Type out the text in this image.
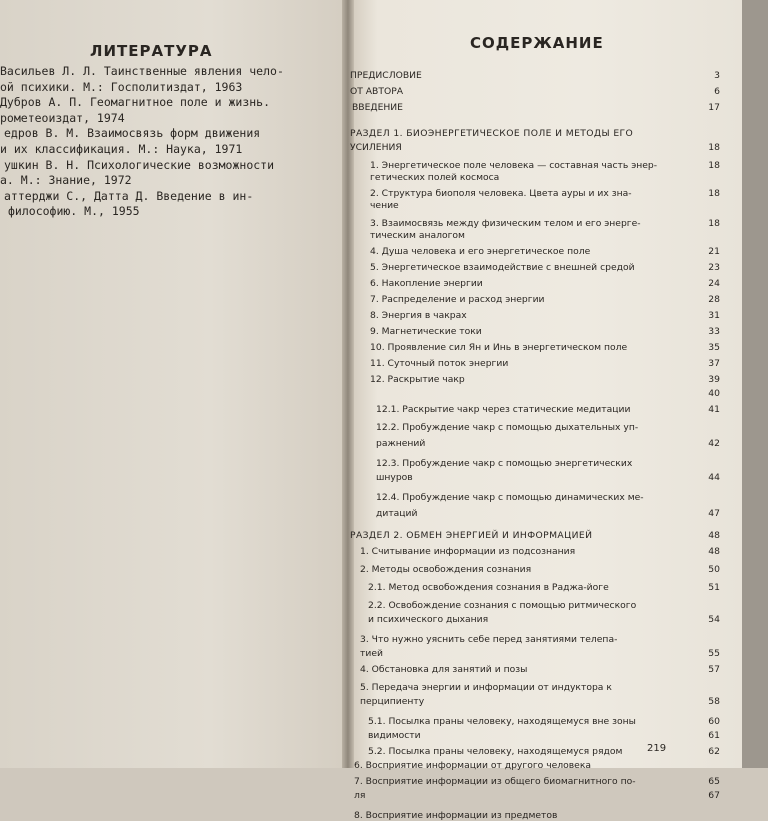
ЛИТЕРАТУРА
Васильев Л. Л. Таинственные явления чело-
ой психики. М.: Госполитиздат, 1963
Дубров А. П. Геомагнитное поле и жизнь.
рометеоиздат, 1974
едров В. М. Взаимосвязь форм движения
и их классификация. М.: Наука, 1971
ушкин В. Н. Психологические возможности
а. М.: Знание, 1972
аттерджи С., Датта Д. Введение в ин-
философию. М., 1955
СОДЕРЖАНИЕ
ПРЕДИСЛОВИЕ	3
ОТ АВТОРА	6
ВВЕДЕНИЕ	17
РАЗДЕЛ 1. БИОЭНЕРГЕТИЧЕСКОЕ ПОЛЕ И МЕТОДЫ ЕГО
УСИЛЕНИЯ	18
1. Энергетическое поле человека — составная часть энер-	18
гетических полей космоса
2. Структура биополя человека. Цвета ауры и их зна-	18
чение
3. Взаимосвязь между физическим телом и его энерге-	18
тическим аналогом
4. Душа человека и его энергетическое поле	21
5. Энергетическое взаимодействие с внешней средой	23
6. Накопление энергии	24
7. Распределение и расход энергии	28
8. Энергия в чакрах	31
9. Магнетические токи	33
10. Проявление сил Ян и Инь в энергетическом поле	35
11. Суточный поток энергии	37
12. Раскрытие чакр	39
40
12.1. Раскрытие чакр через статические медитации	41
12.2. Пробуждение чакр с помощью дыхательных уп-
ражнений	42
12.3. Пробуждение чакр с помощью энергетических
шнуров	44
12.4. Пробуждение чакр с помощью динамических ме-
дитаций	47
РАЗДЕЛ 2. ОБМЕН ЭНЕРГИЕЙ И ИНФОРМАЦИЕЙ	48
1. Считывание информации из подсознания	48
2. Методы освобождения сознания	50
2.1. Метод освобождения сознания в Раджа-йоге	51
2.2. Освобождение сознания с помощью ритмического
и психического дыхания	54
3. Что нужно уяснить себе перед занятиями телепа-
тией	55
4. Обстановка для занятий и позы	57
5. Передача энергии и информации от индуктора к
перципиенту	58
5.1. Посылка праны человеку, находящемуся вне зоны	60
видимости	61
5.2. Посылка праны человеку, находящемуся рядом	62
6. Восприятие информации от другого человека
7. Восприятие информации из общего биомагнитного по-	65
ля	67
8. Восприятие информации из предметов
219
